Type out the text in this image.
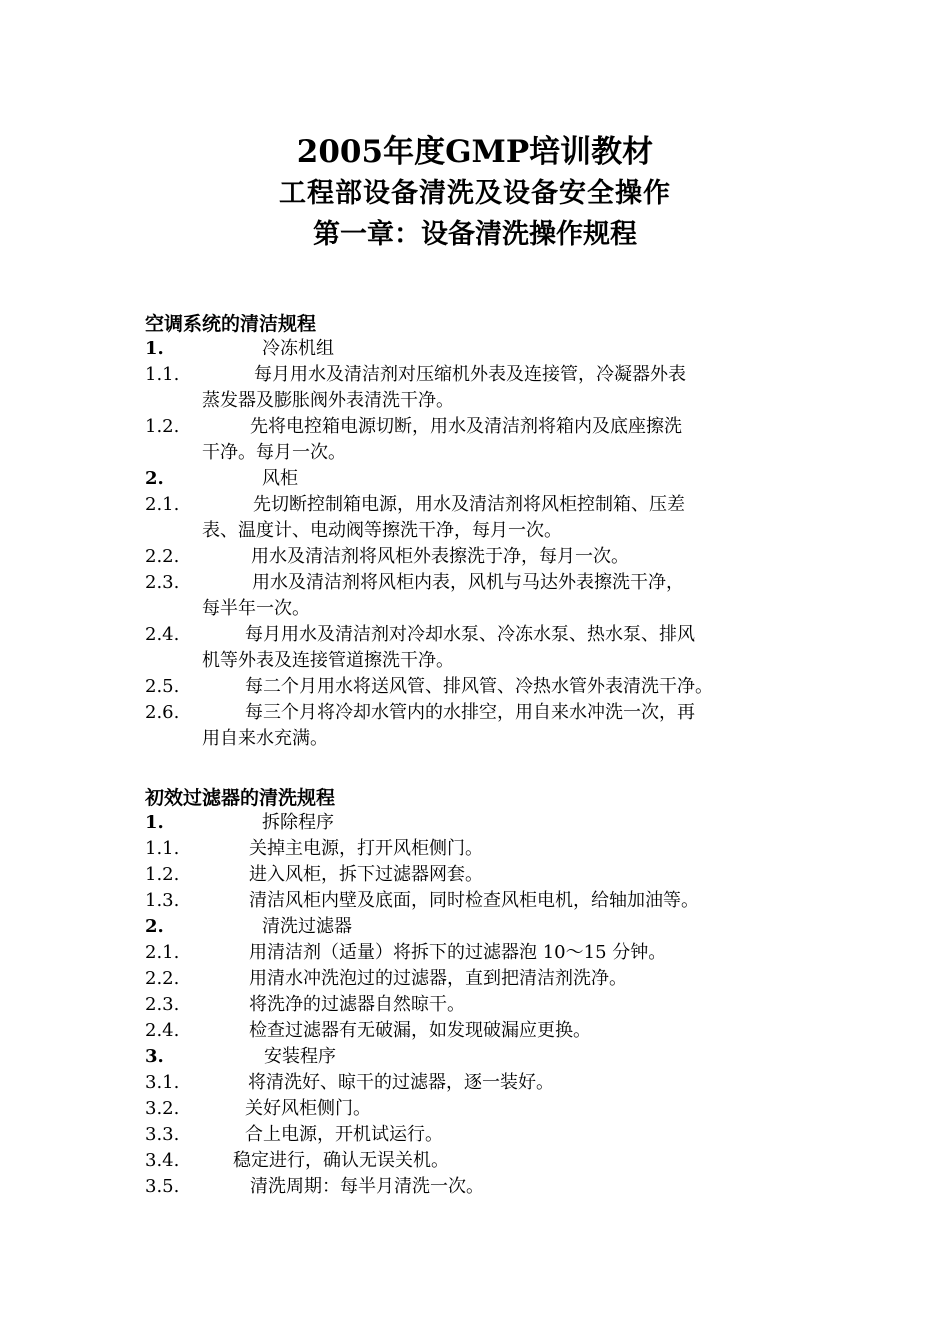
2005年度GMP培训教材
工程部设备清洗及设备安全操作
第一章：设备清洗操作规程
空调系统的清洁规程
1.	冷冻机组
1.1.	每月用水及清洁剂对压缩机外表及连接管，冷凝器外表
蒸发器及膨胀阀外表清洗干净。
1.2.	先将电控箱电源切断，用水及清洁剂将箱内及底座擦洗
干净。每月一次。
2.	风柜
2.1.	先切断控制箱电源，用水及清洁剂将风柜控制箱、压差
表、温度计、电动阀等擦洗干净，每月一次。
2.2.	用水及清洁剂将风柜外表擦洗于净，每月一次。
2.3.	用水及清洁剂将风柜内表，风机与马达外表擦洗干净，
每半年一次。
2.4.	每月用水及清洁剂对冷却水泵、冷冻水泵、热水泵、排风
机等外表及连接管道擦洗干净。
2.5.	每二个月用水将送风管、排风管、冷热水管外表清洗干净。
2.6.	每三个月将冷却水管内的水排空，用自来水冲洗一次，再
用自来水充满。
初效过滤器的清洗规程
1.	拆除程序
1.1.	关掉主电源，打开风柜侧门。
1.2.	进入风柜，拆下过滤器网套。
1.3.	清洁风柜内壁及底面，同时检查风柜电机，给轴加油等。
2.	清洗过滤器
2.1.	用清洁剂（适量）将拆下的过滤器泡 10～15 分钟。
2.2.	用清水冲洗泡过的过滤器，直到把清洁剂洗净。
2.3.	将洗净的过滤器自然晾干。
2.4.	检查过滤器有无破漏，如发现破漏应更换。
3.	安装程序
3.1.	将清洗好、晾干的过滤器，逐一装好。
3.2.	关好风柜侧门。
3.3.	合上电源，开机试运行。
3.4.	稳定进行，确认无误关机。
3.5.	清洗周期：每半月清洗一次。
